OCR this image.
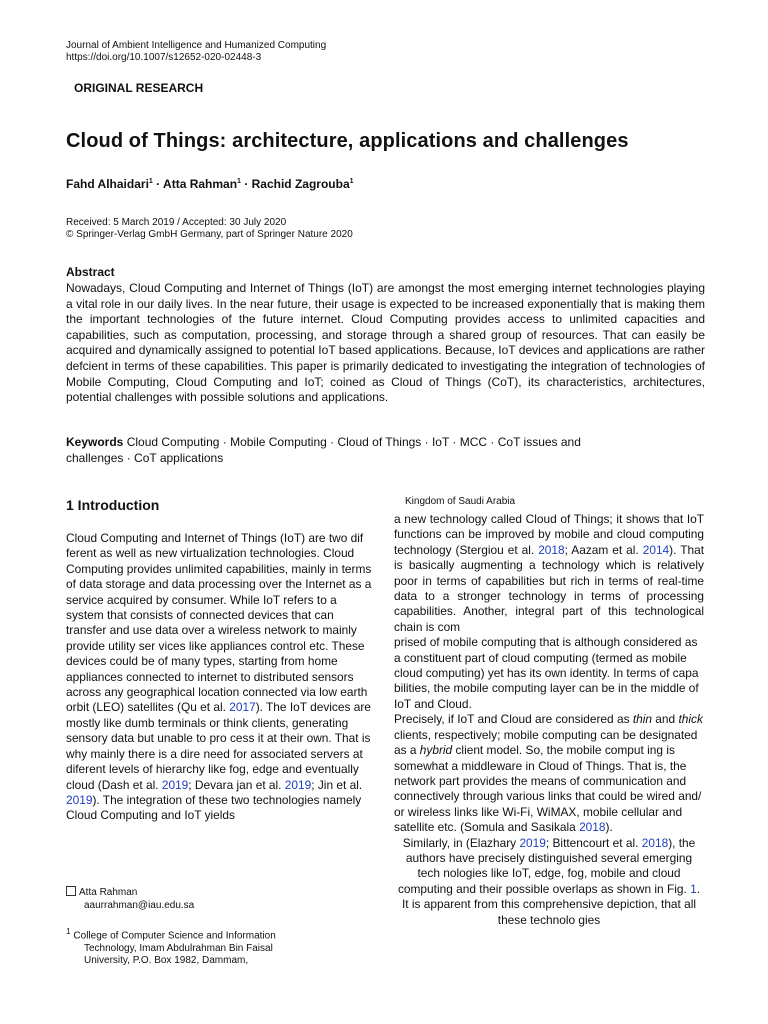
Journal of Ambient Intelligence and Humanized Computing
https://doi.org/10.1007/s12652-020-02448-3
ORIGINAL RESEARCH
Cloud of Things: architecture, applications and challenges
Fahd Alhaidari$^1$ · Atta Rahman$^1$ · Rachid Zagrouba$^1$
Received: 5 March 2019 / Accepted: 30 July 2020
© Springer-Verlag GmbH Germany, part of Springer Nature 2020
Abstract
Nowadays, Cloud Computing and Internet of Things (IoT) are amongst the most emerging internet technologies playing a vital role in our daily lives. In the near future, their usage is expected to be increased exponentially that is making them the important technologies of the future internet. Cloud Computing provides access to unlimited capacities and capabilities, such as computation, processing, and storage through a shared group of resources. That can easily be acquired and dynamically assigned to potential IoT based applications. Because, IoT devices and applications are rather defcient in terms of these capabilities. This paper is primarily dedicated to investigating the integration of technologies of Mobile Computing, Cloud Computing and IoT; coined as Cloud of Things (CoT), its characteristics, architectures, potential challenges with possible solutions and applications.
Keywords Cloud Computing · Mobile Computing · Cloud of Things · IoT · MCC · CoT issues and challenges · CoT applications
1 Introduction

Cloud Computing and Internet of Things (IoT) are two dif ferent as well as new virtualization technologies. Cloud Computing provides unlimited capabilities, mainly in terms of data storage and data processing over the Internet as a service acquired by consumer. While IoT refers to a system that consists of connected devices that can transfer and use data over a wireless network to mainly provide utility ser vices like appliances control etc. These devices could be of many types, starting from home appliances connected to internet to distributed sensors across any geographical location connected via low earth orbit (LEO) satellites (Qu et al. 2017). The IoT devices are mostly like dumb terminals or think clients, generating sensory data but unable to pro cess it at their own. That is why mainly there is a dire need for associated servers at diferent levels of hierarchy like fog, edge and eventually cloud (Dash et al. 2019; Devara jan et al. 2019; Jin et al. 2019). The integration of these two technologies namely Cloud Computing and IoT yields

Kingdom of Saudi Arabia

a new technology called Cloud of Things; it shows that IoT functions can be improved by mobile and cloud computing technology (Stergiou et al. 2018; Aazam et al. 2014). That is basically augmenting a technology which is relatively poor in terms of capabilities but rich in terms of real-time data to a stronger technology in terms of processing capabilities. Another, integral part of this technological chain is com

prised of mobile computing that is although considered as a constituent part of cloud computing (termed as mobile cloud computing) yet has its own identity. In terms of capa bilities, the mobile computing layer can be in the middle of IoT and Cloud.

Precisely, if IoT and Cloud are considered as thin and thick clients, respectively; mobile computing can be designated as a hybrid client model. So, the mobile comput ing is somewhat a middleware in Cloud of Things. That is, the network part provides the means of communication and connectively through various links that could be wired and/ or wireless links like Wi-Fi, WiMAX, mobile cellular and satellite etc. (Somula and Sasikala 2018).

Similarly, in (Elazhary 2019; Bittencourt et al. 2018), the authors have precisely distinguished several emerging tech nologies like IoT, edge, fog, mobile and cloud computing and their possible overlaps as shown in Fig. 1. It is apparent from this comprehensive depiction, that all these technolo gies

Atta Rahman
aaurrahman@iau.edu.sa
$^1$ College of Computer Science and Information
Technology, Imam Abdulrahman Bin Faisal
University, P.O. Box 1982, Dammam,
